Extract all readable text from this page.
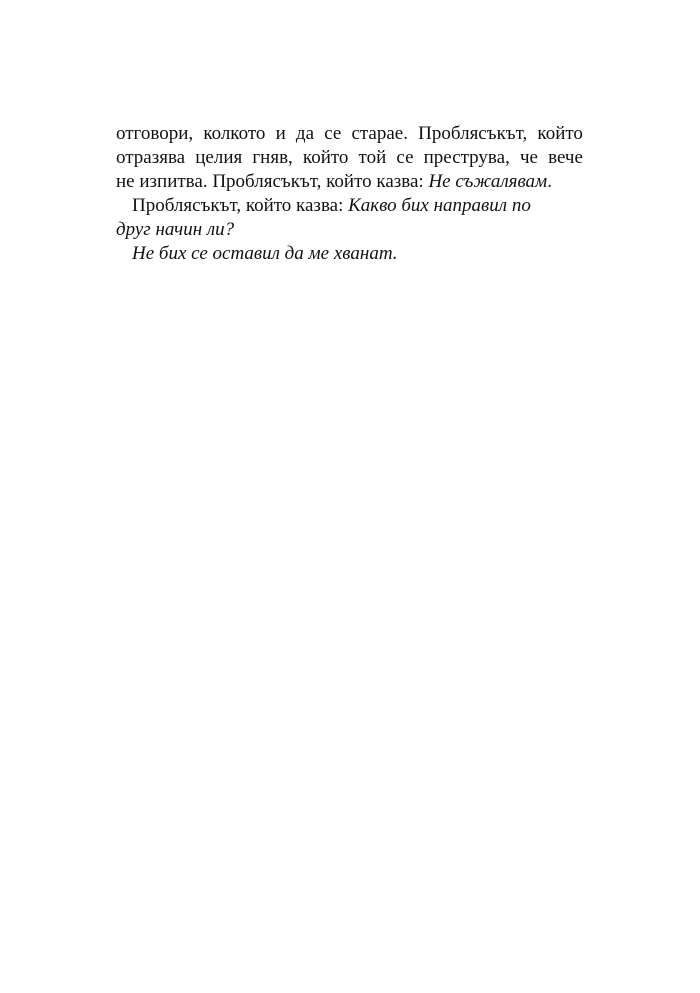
отговори, колкото и да се старае. Проблясъкът, който
отразява целия гняв, който той се преструва, че вече
не изпитва. Проблясъкът, който казва: Не съжалявам .
Проблясъкът, който казва: Какво бих направил по
друг начин ли?
Не бих се оставил да ме хванат.
